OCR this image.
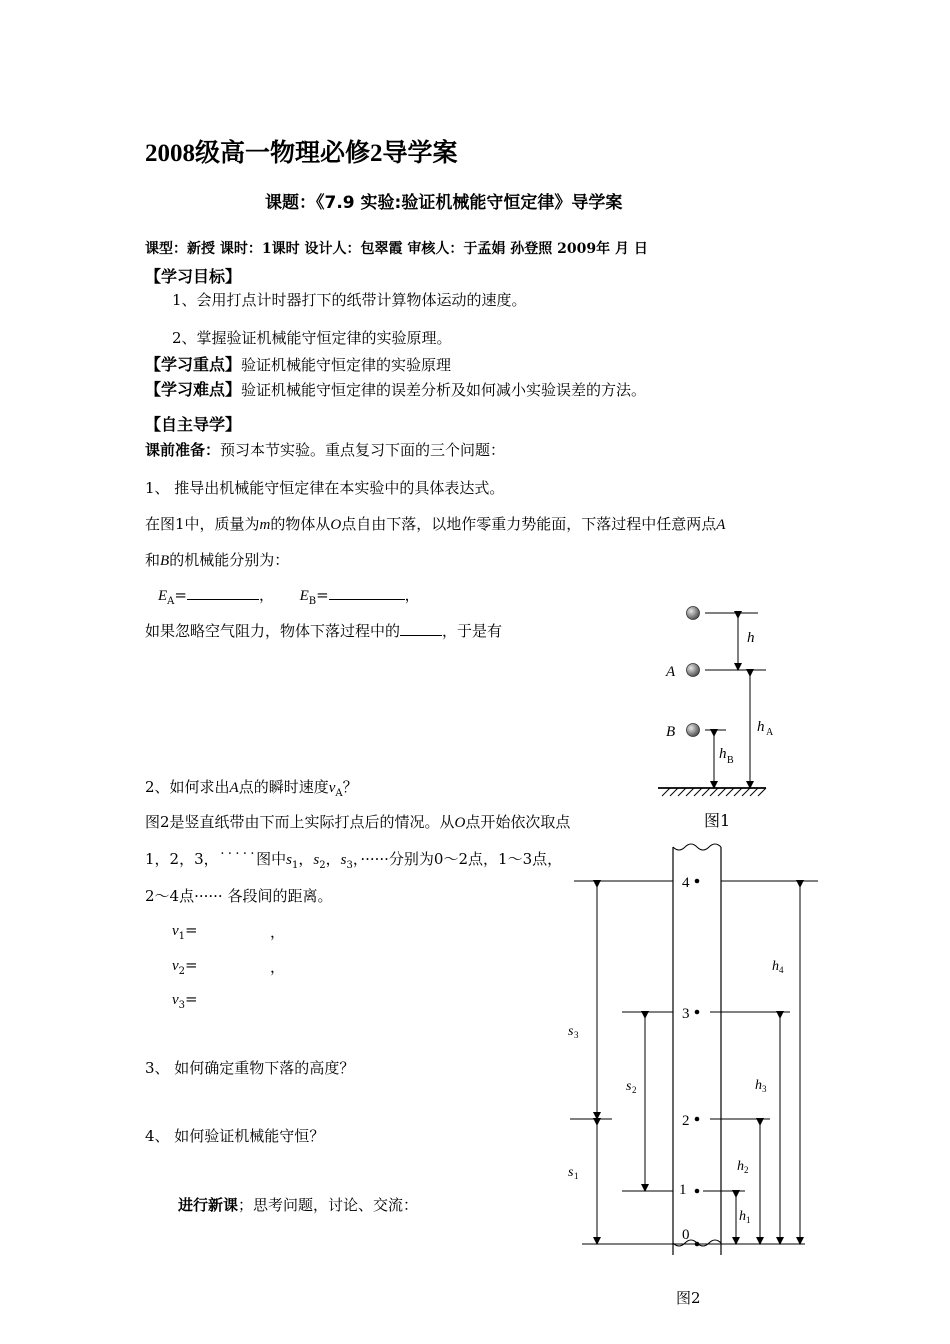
2008级高一物理必修2导学案
课题：《7.9 实验:验证机械能守恒定律》导学案
课型：新授 课时：1课时 设计人：包翠霞 审核人：于孟娟 孙登照 2009年 月 日
【学习目标】
1、会用打点计时器打下的纸带计算物体运动的速度。
2、掌握验证机械能守恒定律的实验原理。
【学习重点】验证机械能守恒定律的实验原理
【学习难点】验证机械能守恒定律的误差分析及如何减小实验误差的方法。
【自主导学】
课前准备：预习本节实验。重点复习下面的三个问题：
1、 推导出机械能守恒定律在本实验中的具体表达式。
在图1中，质量为m的物体从O点自由下落，以地作零重力势能面，下落过程中任意两点A
和B的机械能分别为：
$E_A=$	， $E_B=$	，
如果忽略空气阻力，物体下落过程中的	，于是有
2、如何求出A点的瞬时速度$v_A$？
图2是竖直纸带由下而上实际打点后的情况。从O点开始依次取点
1，2，3，˙˙˙˙˙图中$s_1$，$s_2$，$s_3$，······分别为0～2点，1～3点，
2～4点······ 各段间的距离。
$v_1=$	，
$v_2=$	，
$v_3=$
3、 如何确定重物下落的高度？
4、 如何验证机械能守恒？
进行新课；思考问题，讨论、交流：
A
B
h
h A
h B
图1
4
3
2
1
0
s 3
s 2
s 1
h 4
h 3
h 2
h 1
图2
